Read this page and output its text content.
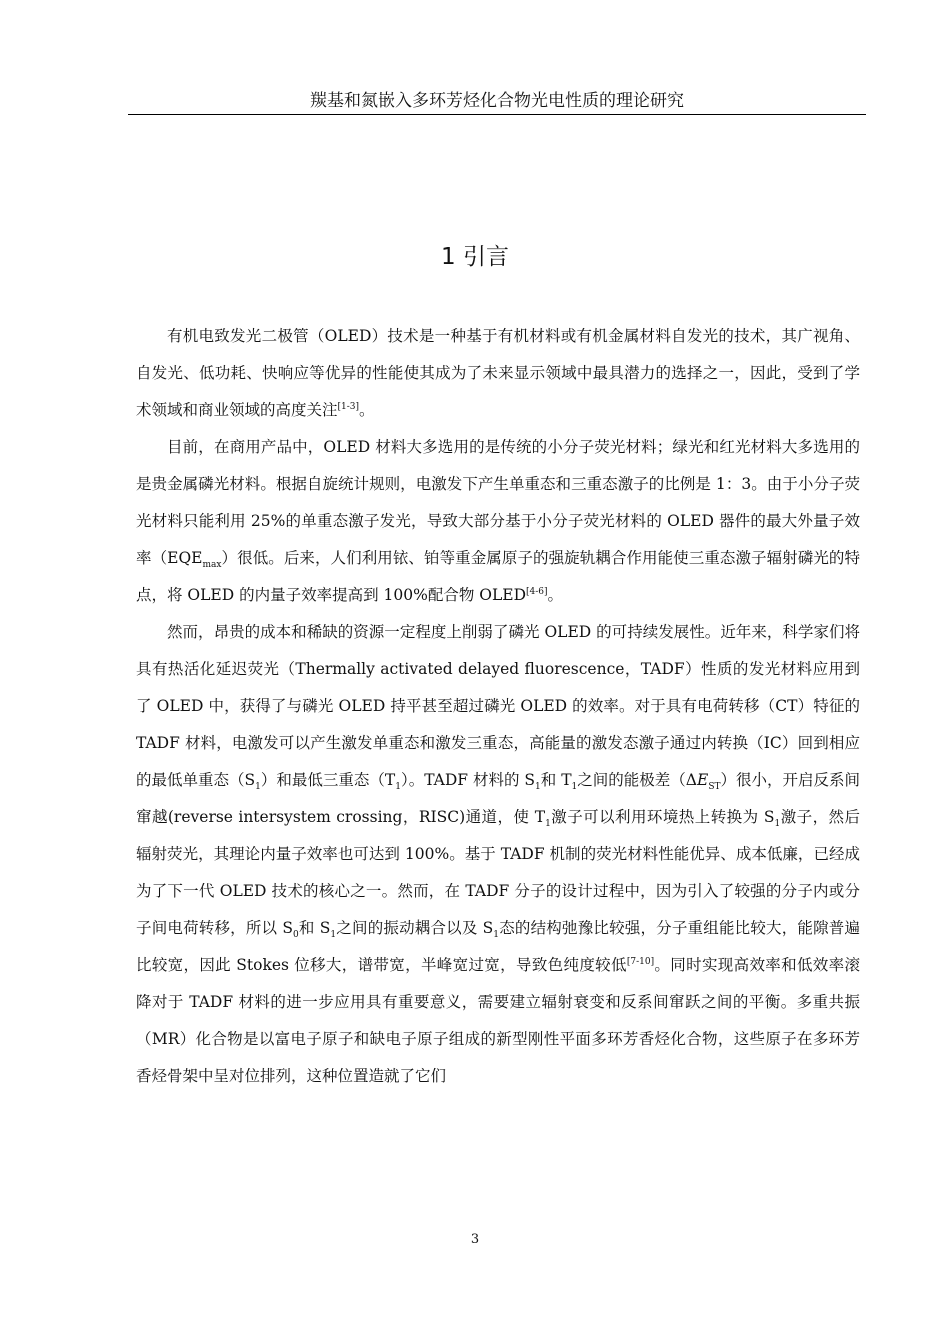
羰基和氮嵌入多环芳烃化合物光电性质的理论研究
1 引言

有机电致发光二极管（OLED）技术是一种基于有机材料或有机金属材料自发光的技术，其广视角、自发光、低功耗、快响应等优异的性能使其成为了未来显示领域中最具潜力的选择之一，因此，受到了学术领域和商业领域的高度关注[1-3]。

目前，在商用产品中，OLED 材料大多选用的是传统的小分子荧光材料；绿光和红光材料大多选用的是贵金属磷光材料。根据自旋统计规则，电激发下产生单重态和三重态激子的比例是 1：3。由于小分子荧光材料只能利用 25%的单重态激子发光，导致大部分基于小分子荧光材料的 OLED 器件的最大外量子效率$(EQE_{max})$很低。后来，人们利用铱、铂等重金属原子的强旋轨耦合作用能使三重态激子辐射磷光的特点，将 OLED 的内量子效率提高到 100%配合物 OLED[4-6]。

然而，昂贵的成本和稀缺的资源一定程度上削弱了磷光 OLED 的可持续发展性。近年来，科学家们将具有热活化延迟荧光（Thermally activated delayed fluorescence，TADF）性质的发光材料应用到了 OLED 中，获得了与磷光 OLED 持平甚至超过磷光 OLED 的效率。对于具有电荷转移（CT）特征的 TADF 材料，电激发可以产生激发单重态和激发三重态，高能量的激发态激子通过内转换（IC）回到相应的最低单重态$(S_1)$和最低三重态$(T_1)$。TADF 材料的 $S_1$和 $T_1$之间的能极差$(\Delta E_{ST})$很小，开启反系间窜越(reverse intersystem crossing，RISC)通道，使 $T_1$激子可以利用环境热上转换为 $S_1$激子，然后辐射荧光，其理论内量子效率也可达到 100%。基于 TADF 机制的荧光材料性能优异、成本低廉，已经成为了下一代 OLED 技术的核心之一。然而，在 TADF 分子的设计过程中，因为引入了较强的分子内或分子间电荷转移，所以 $S_0$和 $S_1$之间的振动耦合以及 $S_1$态的结构弛豫比较强，分子重组能比较大，能隙普遍比较宽，因此 Stokes 位移大，谱带宽，半峰宽过宽，导致色纯度较低[7-10]。同时实现高效率和低效率滚降对于 TADF 材料的进一步应用具有重要意义，需要建立辐射衰变和反系间窜跃之间的平衡。多重共振（MR）化合物是以富电子原子和缺电子原子组成的新型刚性平面多环芳香烃化合物，这些原子在多环芳香烃骨架中呈对位排列，这种位置造就了它们

3
